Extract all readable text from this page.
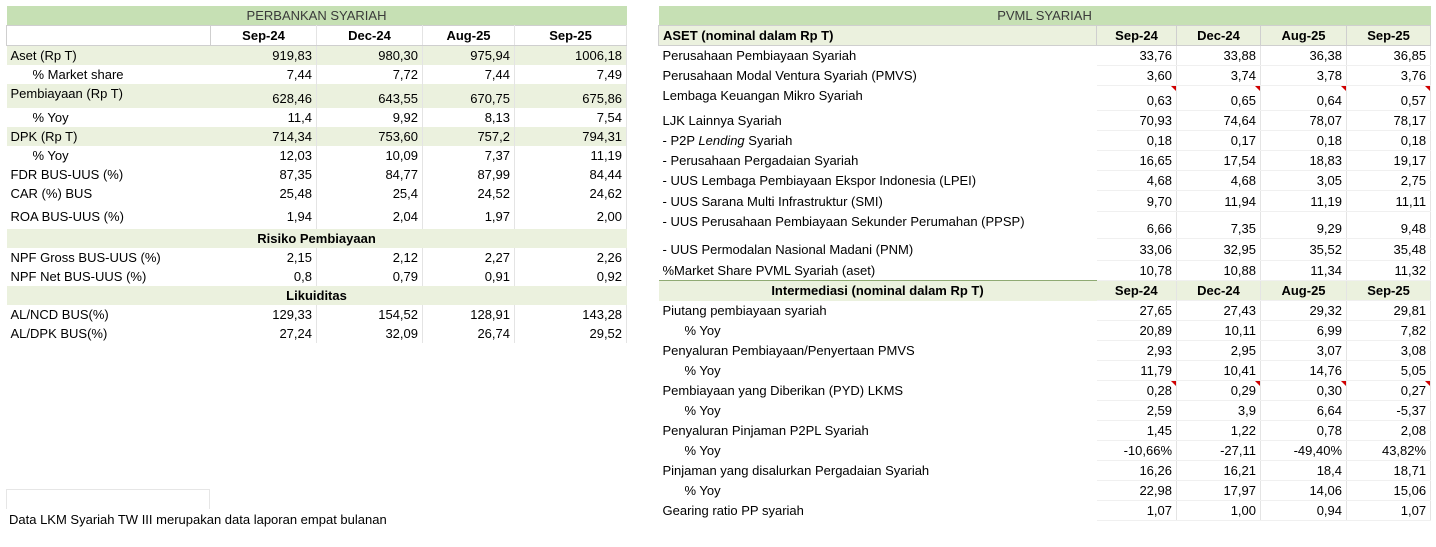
PERBANKAN SYARIAH				
	Sep-24	Dec-24	Aug-25	Sep-25
Aset (Rp T)	919,83	980,30	975,94	1006,18
% Market share	7,44	7,72	7,44	7,49
Pembiayaan (Rp T)	628,46	643,55	670,75	675,86
% Yoy	11,4	9,92	8,13	7,54
DPK (Rp T)	714,34	753,60	757,2	794,31
% Yoy	12,03	10,09	7,37	11,19
FDR BUS-UUS (%)	87,35	84,77	87,99	84,44
CAR (%) BUS	25,48	25,4	24,52	24,62
ROA BUS-UUS (%)	1,94	2,04	1,97	2,00
Risiko Pembiayaan				
NPF Gross BUS-UUS (%)	2,15	2,12	2,27	2,26
NPF Net BUS-UUS (%)	0,8	0,79	0,91	0,92
Likuiditas				
AL/NCD BUS(%)	129,33	154,52	128,91	143,28
AL/DPK BUS(%)	27,24	32,09	26,74	29,52
PVML SYARIAH				
ASET (nominal dalam Rp T)	Sep-24	Dec-24	Aug-25	Sep-25
Perusahaan Pembiayaan Syariah	33,76	33,88	36,38	36,85
Perusahaan Modal Ventura Syariah (PMVS)	3,60	3,74	3,78	3,76
Lembaga Keuangan Mikro Syariah	0,63	0,65	0,64	0,57
LJK Lainnya Syariah	70,93	74,64	78,07	78,17
- P2P Lending Syariah	0,18	0,17	0,18	0,18
- Perusahaan Pergadaian Syariah	16,65	17,54	18,83	19,17
- UUS Lembaga Pembiayaan Ekspor Indonesia (LPEI)	4,68	4,68	3,05	2,75
- UUS Sarana Multi Infrastruktur (SMI)	9,70	11,94	11,19	11,11
- UUS Perusahaan Pembiayaan Sekunder Perumahan (PPSP)	6,66	7,35	9,29	9,48
- UUS Permodalan Nasional Madani (PNM)	33,06	32,95	35,52	35,48
%Market Share PVML Syariah (aset)	10,78	10,88	11,34	11,32
Intermediasi (nominal dalam Rp T)	Sep-24	Dec-24	Aug-25	Sep-25
Piutang pembiayaan syariah	27,65	27,43	29,32	29,81
% Yoy	20,89	10,11	6,99	7,82
Penyaluran Pembiayaan/Penyertaan PMVS	2,93	2,95	3,07	3,08
% Yoy	11,79	10,41	14,76	5,05
Pembiayaan yang Diberikan (PYD) LKMS	0,28	0,29	0,30	0,27
% Yoy	2,59	3,9	6,64	-5,37
Penyaluran Pinjaman P2PL Syariah	1,45	1,22	0,78	2,08
% Yoy	-10,66%	-27,11	-49,40%	43,82%
Pinjaman yang disalurkan Pergadaian Syariah	16,26	16,21	18,4	18,71
% Yoy	22,98	17,97	14,06	15,06
Gearing ratio PP syariah	1,07	1,00	0,94	1,07
Data LKM Syariah TW III merupakan data laporan empat bulanan
